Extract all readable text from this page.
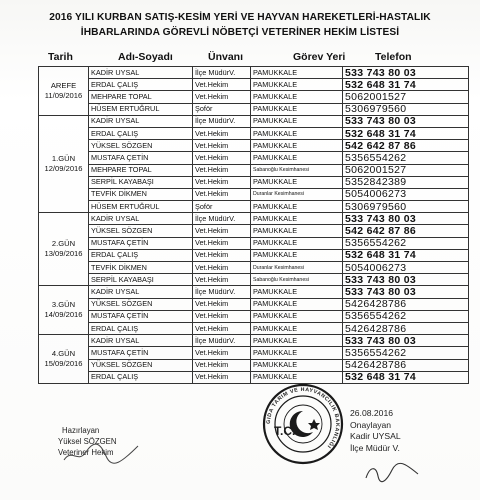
2016 YILI KURBAN SATIŞ-KESİM YERİ VE HAYVAN HAREKETLERİ-HASTALIK
İHBARLARINDA GÖREVLİ NÖBETÇİ VETERİNER HEKİM LİSTESİ
Tarih	Adı-Soyadı	Ünvanı	Görev Yeri	Telefon
AREFE
11/09/2016	KADİR UYSAL	İlçe MüdürV.	PAMUKKALE	533 743 80 03
	ERDAL ÇALIŞ	Vet.Hekim	PAMUKKALE	532 648 31 74
	MEHPARE TOPAL	Vet.Hekim	PAMUKKALE	5062001527
	HÜSEM ERTUĞRUL	Şoför	PAMUKKALE	5306979560

1.GÜN
12/09/2016	KADİR UYSAL	İlçe MüdürV.	PAMUKKALE	533 743 80 03
	ERDAL ÇALIŞ	Vet.Hekim	PAMUKKALE	532 648 31 74
	YÜKSEL SÖZGEN	Vet.Hekim	PAMUKKALE	542 642 87 86
	MUSTAFA ÇETİN	Vet.Hekim	PAMUKKALE	5356554262
	MEHPARE TOPAL	Vet.Hekim	Sabanoğlu Kesimhanesi	5062001527
	SERPİL KAYABAŞI	Vet.Hekim	PAMUKKALE	5352842389
	TEVFİK DİKMEN	Vet.Hekim	Duranlar Kesimhanesi	5054006273
	HÜSEM ERTUĞRUL	Şoför	PAMUKKALE	5306979560

2.GÜN
13/09/2016	KADİR UYSAL	İlçe MüdürV.	PAMUKKALE	533 743 80 03
	YÜKSEL SÖZGEN	Vet.Hekim	PAMUKKALE	542 642 87 86
	MUSTAFA ÇETİN	Vet.Hekim	PAMUKKALE	5356554262
	ERDAL ÇALIŞ	Vet.Hekim	PAMUKKALE	532 648 31 74
	TEVFİK DİKMEN	Vet.Hekim	Duranlar Kesimhanesi	5054006273
	SERPİL KAYABAŞI	Vet.Hekim	Sabanoğlu Kesimhanesi	533 743 80 03

3.GÜN
14/09/2016	KADİR UYSAL	İlçe MüdürV.	PAMUKKALE	533 743 80 03
	YÜKSEL SÖZGEN	Vet.Hekim	PAMUKKALE	5426428786
	MUSTAFA ÇETİN	Vet.Hekim	PAMUKKALE	5356554262
	ERDAL ÇALIŞ	Vet.Hekim	PAMUKKALE	5426428786

4.GÜN
15/09/2016	KADİR UYSAL	İlçe MüdürV.	PAMUKKALE	533 743 80 03
	MUSTAFA ÇETİN	Vet.Hekim	PAMUKKALE	5356554262
	YÜKSEL SÖZGEN	Vet.Hekim	PAMUKKALE	5426428786
	ERDAL ÇALIŞ	Vet.Hekim	PAMUKKALE	532 648 31 74
Hazırlayan
Yüksel SÖZGEN
Veteriner Hekim
26.08.2016
Onaylayan
Kadir UYSAL
İlçe Müdür V.
T.C.
GIDA TARIM VE HAYVANCILIK BAKANLIĞI
